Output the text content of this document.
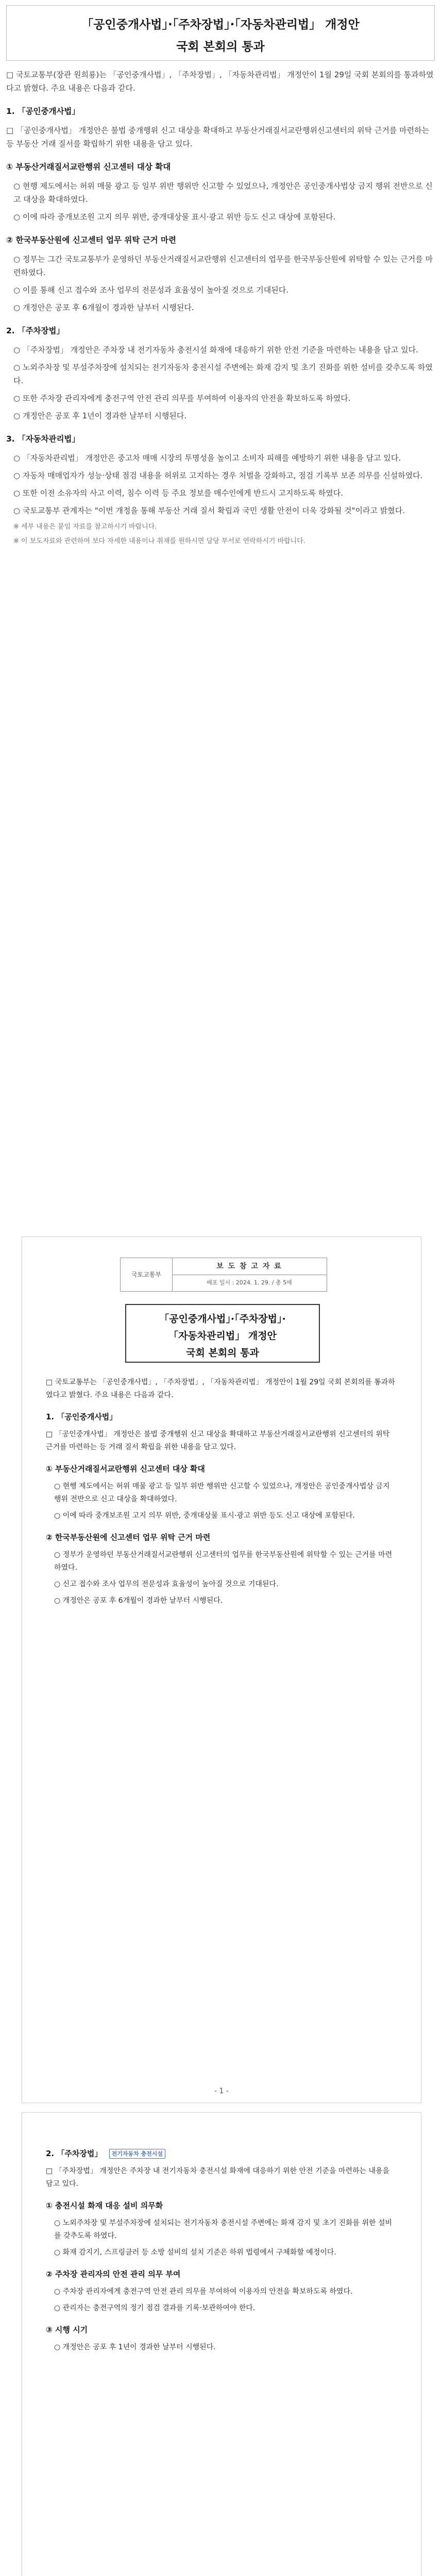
「공인중개사법」·「주차장법」·「자동차관리법」 개정안
국회 본회의 통과

□ 국토교통부(장관 원희룡)는 「공인중개사법」, 「주차장법」, 「자동차관리법」 개정안이 1월 29일 국회 본회의를 통과하였다고 밝혔다. 주요 내용은 다음과 같다.

1. 「공인중개사법」

□ 「공인중개사법」 개정안은 불법 중개행위 신고 대상을 확대하고 부동산거래질서교란행위신고센터의 위탁 근거를 마련하는 등 부동산 거래 질서를 확립하기 위한 내용을 담고 있다.

① 부동산거래질서교란행위 신고센터 대상 확대

○ 현행 제도에서는 허위 매물 광고 등 일부 위반 행위만 신고할 수 있었으나, 개정안은 공인중개사법상 금지 행위 전반으로 신고 대상을 확대하였다.

○ 이에 따라 중개보조원 고지 의무 위반, 중개대상물 표시·광고 위반 등도 신고 대상에 포함된다.

② 한국부동산원에 신고센터 업무 위탁 근거 마련

○ 정부는 그간 국토교통부가 운영하던 부동산거래질서교란행위 신고센터의 업무를 한국부동산원에 위탁할 수 있는 근거를 마련하였다.

○ 이를 통해 신고 접수와 조사 업무의 전문성과 효율성이 높아질 것으로 기대된다.

○ 개정안은 공포 후 6개월이 경과한 날부터 시행된다.

2. 「주차장법」

○ 「주차장법」 개정안은 주차장 내 전기자동차 충전시설 화재에 대응하기 위한 안전 기준을 마련하는 내용을 담고 있다.

○ 노외주차장 및 부설주차장에 설치되는 전기자동차 충전시설 주변에는 화재 감지 및 초기 진화를 위한 설비를 갖추도록 하였다.

○ 또한 주차장 관리자에게 충전구역 안전 관리 의무를 부여하여 이용자의 안전을 확보하도록 하였다.

○ 개정안은 공포 후 1년이 경과한 날부터 시행된다.

3. 「자동차관리법」

○ 「자동차관리법」 개정안은 중고차 매매 시장의 투명성을 높이고 소비자 피해를 예방하기 위한 내용을 담고 있다.

○ 자동차 매매업자가 성능·상태 점검 내용을 허위로 고지하는 경우 처벌을 강화하고, 점검 기록부 보존 의무를 신설하였다.

○ 또한 이전 소유자의 사고 이력, 침수 이력 등 주요 정보를 매수인에게 반드시 고지하도록 하였다.

○ 국토교통부 관계자는 "이번 개정을 통해 부동산 거래 질서 확립과 국민 생활 안전이 더욱 강화될 것"이라고 밝혔다.

※ 세부 내용은 붙임 자료를 참고하시기 바랍니다.

※ 이 보도자료와 관련하여 보다 자세한 내용이나 취재를 원하시면 담당 부서로 연락하시기 바랍니다.

국토교통부
보 도 참 고 자 료
배포 일시 : 2024. 1. 29. / 총 5매
「공인중개사법」·「주차장법」·
「자동차관리법」 개정안
국회 본회의 통과

□ 국토교통부는 「공인중개사법」, 「주차장법」, 「자동차관리법」 개정안이 1월 29일 국회 본회의를 통과하였다고 밝혔다. 주요 내용은 다음과 같다.

1. 「공인중개사법」

□ 「공인중개사법」 개정안은 불법 중개행위 신고 대상을 확대하고 부동산거래질서교란행위 신고센터의 위탁 근거를 마련하는 등 거래 질서 확립을 위한 내용을 담고 있다.

① 부동산거래질서교란행위 신고센터 대상 확대

○ 현행 제도에서는 허위 매물 광고 등 일부 위반 행위만 신고할 수 있었으나, 개정안은 공인중개사법상 금지 행위 전반으로 신고 대상을 확대하였다.

○ 이에 따라 중개보조원 고지 의무 위반, 중개대상물 표시·광고 위반 등도 신고 대상에 포함된다.

② 한국부동산원에 신고센터 업무 위탁 근거 마련

○ 정부가 운영하던 부동산거래질서교란행위 신고센터의 업무를 한국부동산원에 위탁할 수 있는 근거를 마련하였다.

○ 신고 접수와 조사 업무의 전문성과 효율성이 높아질 것으로 기대된다.

○ 개정안은 공포 후 6개월이 경과한 날부터 시행된다.

- 1 -

2. 「주차장법」 전기자동차 충전시설

□ 「주차장법」 개정안은 주차장 내 전기자동차 충전시설 화재에 대응하기 위한 안전 기준을 마련하는 내용을 담고 있다.

① 충전시설 화재 대응 설비 의무화

○ 노외주차장 및 부설주차장에 설치되는 전기자동차 충전시설 주변에는 화재 감지 및 초기 진화를 위한 설비를 갖추도록 하였다.

○ 화재 감지기, 스프링클러 등 소방 설비의 설치 기준은 하위 법령에서 구체화할 예정이다.

② 주차장 관리자의 안전 관리 의무 부여

○ 주차장 관리자에게 충전구역 안전 관리 의무를 부여하여 이용자의 안전을 확보하도록 하였다.

○ 관리자는 충전구역의 정기 점검 결과를 기록·보관하여야 한다.

③ 시행 시기

○ 개정안은 공포 후 1년이 경과한 날부터 시행된다.
